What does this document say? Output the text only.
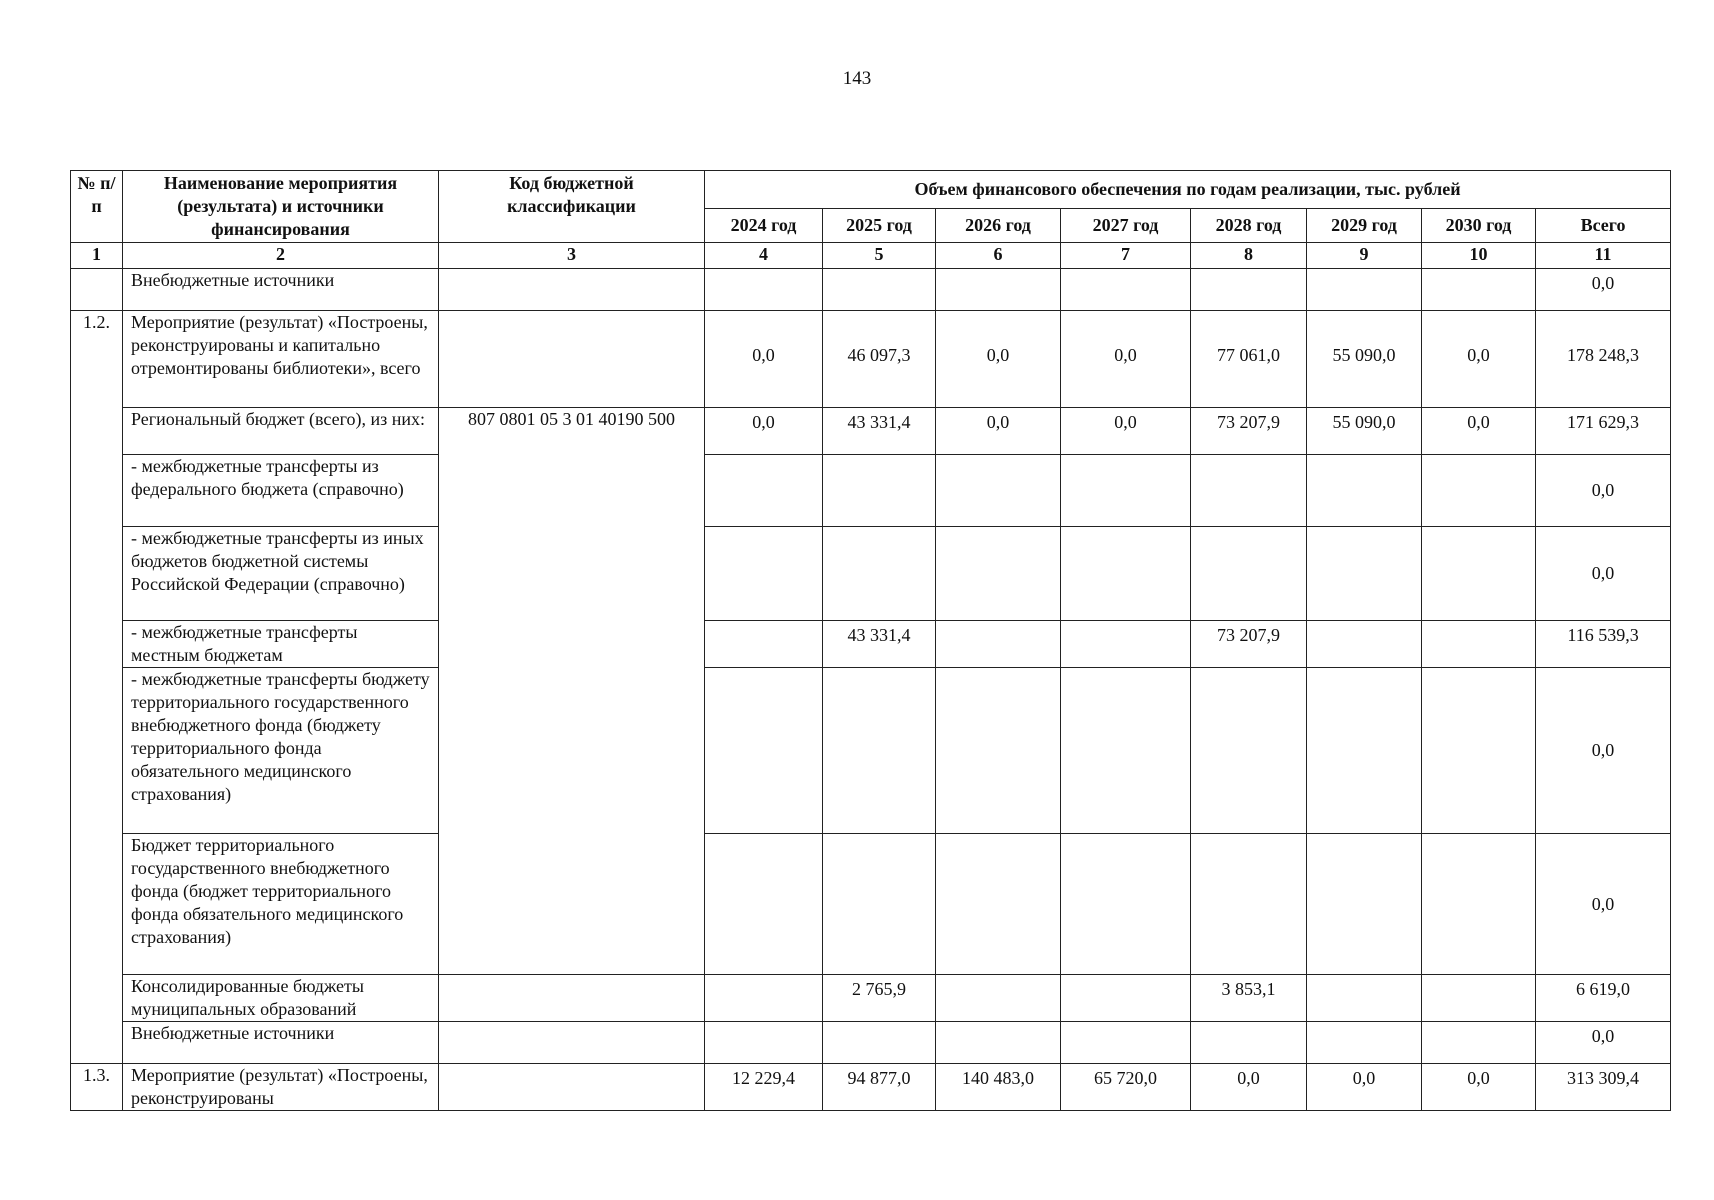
143
№ п/п	Наименование мероприятия (результата) и источники финансирования	Код бюджетной классификации	Объем финансового обеспечения по годам реализации, тыс. рублей							
			2024 год	2025 год	2026 год	2027 год	2028 год	2029 год	2030 год	Всего
1	2	3	4	5	6	7	8	9	10	11
	Внебюджетные источники									0,0
1.2.	Мероприятие (результат) «Построены, реконструированы и капитально отремонтированы библиотеки», всего		0,0	46 097,3	0,0	0,0	77 061,0	55 090,0	0,0	178 248,3
	Региональный бюджет (всего), из них:	807 0801 05 3 01 40190 500	0,0	43 331,4	0,0	0,0	73 207,9	55 090,0	0,0	171 629,3
	- межбюджетные трансферты из федерального бюджета (справочно)									0,0
	- межбюджетные трансферты из иных бюджетов бюджетной системы Российской Федерации (справочно)									0,0
	- межбюджетные трансферты местным бюджетам			43 331,4			73 207,9			116 539,3
	- межбюджетные трансферты бюджету территориального государственного внебюджетного фонда (бюджету территориального фонда обязательного медицинского страхования)									0,0
	Бюджет территориального государственного внебюджетного фонда (бюджет территориального фонда обязательного медицинского страхования)									0,0
	Консолидированные бюджеты муниципальных образований			2 765,9			3 853,1			6 619,0
	Внебюджетные источники									0,0
1.3.	Мероприятие (результат) «Построены, реконструированы		12 229,4	94 877,0	140 483,0	65 720,0	0,0	0,0	0,0	313 309,4
